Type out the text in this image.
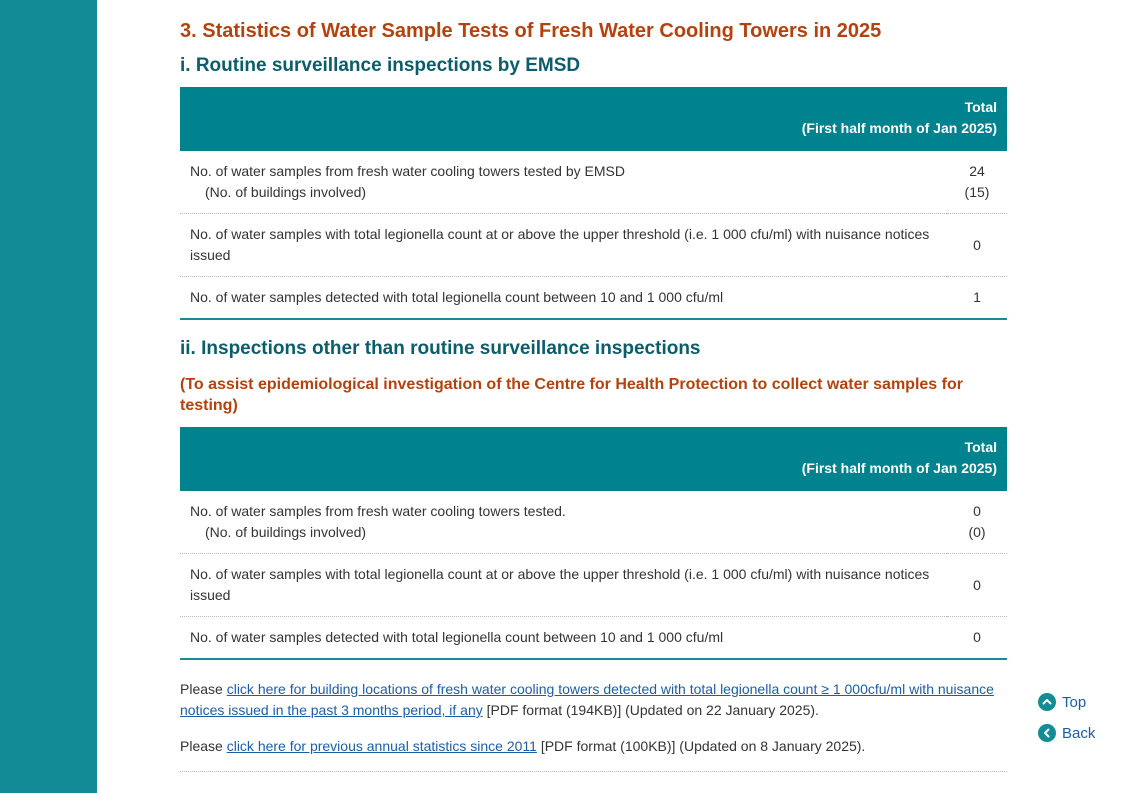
3. Statistics of Water Sample Tests of Fresh Water Cooling Towers in 2025
i. Routine surveillance inspections by EMSD
Total
(First half month of Jan 2025)	
No. of water samples from fresh water cooling towers tested by EMSD
(No. of buildings involved)	24
(15)
No. of water samples with total legionella count at or above the upper threshold (i.e. 1 000 cfu/ml) with nuisance notices issued	0
No. of water samples detected with total legionella count between 10 and 1 000 cfu/ml	1
ii. Inspections other than routine surveillance inspections
(To assist epidemiological investigation of the Centre for Health Protection to collect water samples for testing)
Total
(First half month of Jan 2025)	
No. of water samples from fresh water cooling towers tested.
(No. of buildings involved)	0
(0)
No. of water samples with total legionella count at or above the upper threshold (i.e. 1 000 cfu/ml) with nuisance notices issued	0
No. of water samples detected with total legionella count between 10 and 1 000 cfu/ml	0

Please click here for building locations of fresh water cooling towers detected with total legionella count ≥ 1 000cfu/ml with nuisance notices issued in the past 3 months period, if any [PDF format (194KB)] (Updated on 22 January 2025).

Please click here for previous annual statistics since 2011 [PDF format (100KB)] (Updated on 8 January 2025).

Top
Back
